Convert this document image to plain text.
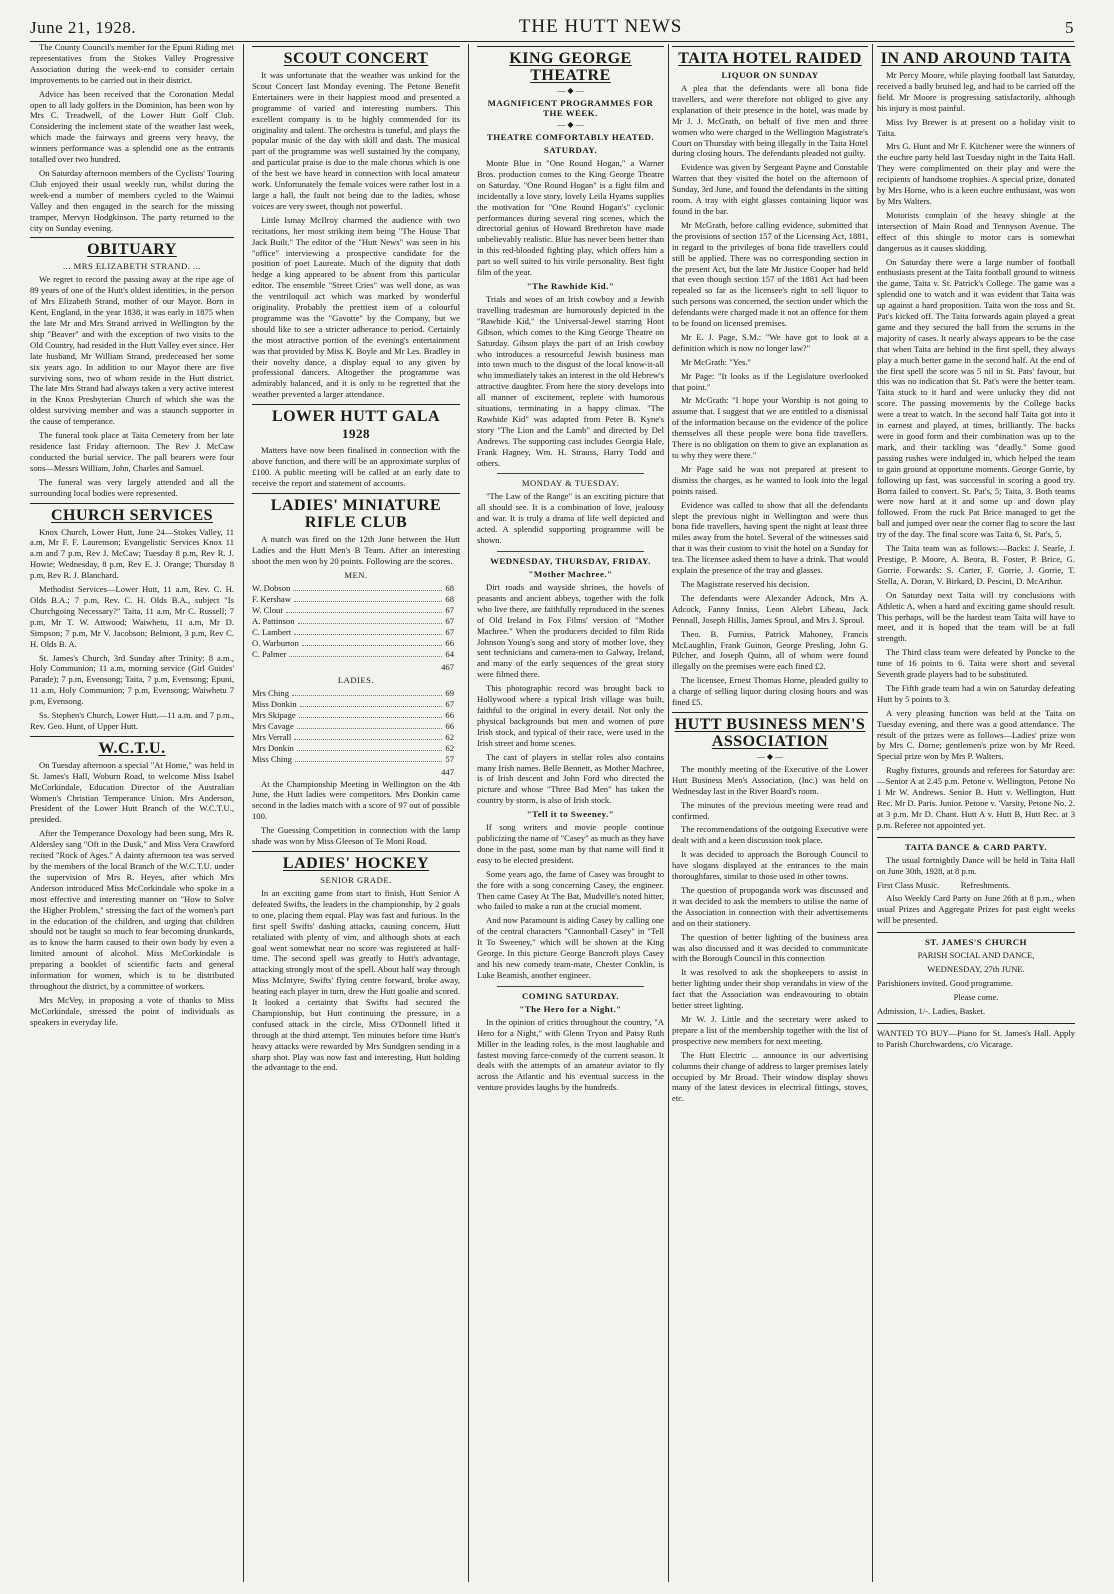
June 21, 1928.	THE HUTT NEWS	5

The County Council's member for the Epuni Riding met representatives from the Stokes Valley Progressive Association during the week-end to consider certain improvements to be carried out in their district.

Advice has been received that the Coronation Medal open to all lady golfers in the Dominion, has been won by Mrs C. Treadwell, of the Lower Hutt Golf Club. Considering the inclement state of the weather last week, which made the fairways and greens very heavy, the winners performance was a splendid one as the entrants totalled over two hundred.

On Saturday afternoon members of the Cyclists' Touring Club enjoyed their usual weekly run, whilst during the week-end a number of members cycled to the Waimui Valley and then engaged in the search for the missing tramper, Mervyn Hodgkinson. The party returned to the city on Sunday evening.

OBITUARY
... MRS ELIZABETH STRAND. ...

We regret to record the passing away at the ripe age of 89 years of one of the Hutt's oldest identities, in the person of Mrs Elizabeth Strand, mother of our Mayor. Born in Kent, England, in the year 1838, it was early in 1875 when the late Mr and Mrs Strand arrived in Wellington by the ship "Beaver" and with the exception of two visits to the Old Country, had resided in the Hutt Valley ever since. Her late husband, Mr William Strand, predeceased her some six years ago. In addition to our Mayor there are five surviving sons, two of whom reside in the Hutt district. The late Mrs Strand had always taken a very active interest in the Knox Presbyterian Church of which she was the oldest surviving member and was a staunch supporter in the cause of temperance.

The funeral took place at Taita Cemetery from her late residence last Friday afternoon. The Rev J. McCaw conducted the burial service. The pall bearers were four sons—Messrs William, John, Charles and Samuel.

The funeral was very largely attended and all the surrounding local bodies were represented.

CHURCH SERVICES

Knox Church, Lower Hutt, June 24—Stokes Valley, 11 a.m, Mr F. F. Laurenson; Evangelistic Services Knox 11 a.m and 7 p.m, Rev J. McCaw; Tuesday 8 p.m, Rev R. J. Howie; Wednesday, 8 p.m, Rev E. J. Orange; Thursday 8 p.m, Rev R. J. Blanchard.

Methodist Services—Lower Hutt, 11 a.m, Rev. C. H. Olds B.A.; 7 p.m, Rev. C. H. Olds B.A., subject "Is Churchgoing Necessary?" Taita, 11 a.m, Mr C. Russell; 7 p.m, Mr T. W. Attwood; Waiwhetu, 11 a.m, Mr D. Simpson; 7 p.m, Mr V. Jacobson; Belmont, 3 p.m, Rev C. H. Olds B. A.

St. James's Church, 3rd Sunday after Trinity: 8 a.m., Holy Communion; 11 a.m, morning service (Girl Guides' Parade); 7 p.m, Evensong; Taita, 7 p.m, Evensong; Epuni, 11 a.m, Holy Communion; 7 p.m, Evensong; Waiwhetu 7 p.m, Evensong.

Ss. Stephen's Church, Lower Hutt.—11 a.m. and 7 p.m., Rev. Geo. Hunt, of Upper Hutt.

W.C.T.U.

On Tuesday afternoon a special "At Home," was held in St. James's Hall, Woburn Road, to welcome Miss Isabel McCorkindale, Education Director of the Australian Women's Christian Temperance Union. Mrs Anderson, President of the Lower Hutt Branch of the W.C.T.U., presided.

After the Temperance Doxology had been sung, Mrs R. Aldersley sang "Oft in the Dusk," and Miss Vera Crawford recited "Rock of Ages." A dainty afternoon tea was served by the members of the local Branch of the W.C.T.U. under the supervision of Mrs R. Heyes, after which Mrs Anderson introduced Miss McCorkindale who spoke in a most effective and interesting manner on "How to Solve the Higher Problem," stressing the fact of the women's part in the education of the children, and urging that children should not be taught so much to fear becoming drunkards, as to know the harm caused to their own body by even a limited amount of alcohol. Miss McCorkindale is preparing a booklet of scientific facts and general information for women, which is to be distributed throughout the district, by a committee of workers.

Mrs McVey, in proposing a vote of thanks to Miss McCorkindale, stressed the point of individuals as speakers in everyday life.

SCOUT CONCERT

It was unfortunate that the weather was unkind for the Scout Concert last Monday evening. The Petone Benefit Entertainers were in their happiest mood and presented a programme of varied and interesting numbers. This excellent company is to be highly commended for its originality and talent. The orchestra is tuneful, and plays the popular music of the day with skill and dash. The musical part of the programme was well sustained by the company, and particular praise is due to the male chorus which is one of the best we have heard in connection with local amateur work. Unfortunately the female voices were rather lost in a large a hall, the fault not being due to the ladies, whose voices are very sweet, though not powerful.

Little Ismay McIlroy charmed the audience with two recitations, her most striking item being "The House That Jack Built." The editor of the "Hutt News" was seen in his "office" interviewing a prospective candidate for the position of poet Laureate. Much of the dignity that doth hedge a king appeared to be absent from this particular editor. The ensemble "Street Cries" was well done, as was the ventriloquil act which was marked by wonderful originality. Probably the prettiest item of a colourful programme was the "Gavotte" by the Company, but we should like to see a stricter adherance to period. Certainly the most attractive portion of the evening's entertainment was that provided by Miss K. Boyle and Mr Les. Bradley in their novelty dance, a display equal to any given by professional dancers. Altogether the programme was admirably balanced, and it is only to be regretted that the weather prevented a larger attendance.

LOWER HUTT GALA
1928

Matters have now been finalised in connection with the above function, and there will be an approximate surplus of £100. A public meeting will be called at an early date to receive the report and statement of accounts.

LADIES' MINIATURE RIFLE CLUB

A match was fired on the 12th June between the Hutt Ladies and the Hutt Men's B Team. After an interesting shoot the men won by 20 points. Following are the scores.

MEN.
W. Dobson	68
F. Kershaw	68
W. Clout	67
A. Pattinson	67
C. Lambert	67
O. Warburton	66
C. Palmer	64
467
LADIES.
Mrs Ching	69
Miss Donkin	67
Mrs Skipage	66
Mrs Cavage	66
Mrs Verrall	62
Mrs Donkin	62
Miss Ching	57
447

At the Championship Meeting in Wellington on the 4th June, the Hutt ladies were competitors. Mrs Donkin came second in the ladies match with a score of 97 out of possible 100.

The Guessing Competition in connection with the lamp shade was won by Miss Gleeson of Te Moni Road.

LADIES' HOCKEY
SENIOR GRADE.

In an exciting game from start to finish, Hutt Senior A defeated Swifts, the leaders in the championship, by 2 goals to one, placing them equal. Play was fast and furious. In the first spell Swifts' dashing attacks, causing concern, Hutt retaliated with plenty of vim, and although shots at each goal went somewhat near no score was registered at half-time. The second spell was greatly to Hutt's advantage, attacking strongly most of the spell. About half way through Miss McIntyre, Swifts' flying centre forward, broke away, beating each player in turn, drew the Hutt goalie and scored. It looked a certainty that Swifts had secured the Championship, but Hutt continuing the pressure, in a confused attack in the circle, Miss O'Donnell lifted it through at the third attempt. Ten minutes before time Hutt's heavy attacks were rewarded by Mrs Sundgren sending in a sharp shot. Play was now fast and interesting, Hutt holding the advantage to the end.

KING GEORGE
THEATRE
— ◆ —
MAGNIFICENT PROGRAMMES FOR THE WEEK.
— ◆ —
THEATRE COMFORTABLY HEATED.
SATURDAY.

Monte Blue in "One Round Hogan," a Warner Bros. production comes to the King George Theatre on Saturday. "One Round Hogan" is a fight film and incidentally a love story, lovely Leila Hyams supplies the motivation for "One Round Hogan's" cyclonic performances during several ring scenes, which the directorial genius of Howard Brethreton have made unbelievably realistic. Blue has never been better than in this red-blooded fighting play, which offers him a part so well suited to his virile personality. Best fight film of the year.

"The Rawhide Kid."

Trials and woes of an Irish cowboy and a Jewish travelling tradesman are humorously depicted in the "Rawhide Kid," the Universal-Jewel starring Hoot Gibson, which comes to the King George Theatre on Saturday. Gibson plays the part of an Irish cowboy who introduces a resourceful Jewish business man into town much to the disgust of the local know-it-all who immediately takes an interest in the old Hebrew's attractive daughter. From here the story develops into all manner of excitement, replete with humorous situations, terminating in a happy climax. "The Rawhide Kid" was adapted from Peter B. Kyne's story "The Lion and the Lamb" and directed by Del Andrews. The supporting cast includes Georgia Hale, Frank Hagney, Wm. H. Strauss, Harry Todd and others.

MONDAY & TUESDAY.

"The Law of the Range" is an exciting picture that all should see. It is a combination of love, jealousy and war. It is truly a drama of life well depicted and acted. A splendid supporting programme will be shown.

WEDNESDAY, THURSDAY, FRIDAY.
"Mother Machree."

Dirt roads and wayside shrines, the hovels of peasants and ancient abbeys, together with the folk who live there, are faithfully reproduced in the scenes of Old Ireland in Fox Films' version of "Mother Machree." When the producers decided to film Rida Johnson Young's song and story of mother love, they sent technicians and camera-men to Galway, Ireland, and many of the early sequences of the great story were filmed there.

This photographic record was brought back to Hollywood where a typical Irish village was built, faithful to the original in every detail. Not only the physical backgrounds but men and women of pure Irish stock, and typical of their race, were used in the Irish street and home scenes.

The cast of players in stellar roles also contains many Irish names. Belle Bennett, as Mother Machree, is of Irish descent and John Ford who directed the picture and whose "Three Bad Men" has taken the country by storm, is also of Irish stock.

"Tell it to Sweeney."

If song writers and movie people continue publicizing the name of "Casey" as much as they have done in the past, some man by that name will find it easy to be elected president.

Some years ago, the fame of Casey was brought to the fore with a song concerning Casey, the engineer. Then came Casey At The Bat, Mudville's noted hitter, who failed to make a run at the crucial moment.

And now Paramount is aiding Casey by calling one of the central characters "Cannonball Casey" in "Tell It To Sweeney," which will be shown at the King George. In this picture George Bancroft plays Casey and his new comedy team-mate, Chester Conklin, is Luke Beamish, another engineer.

COMING SATURDAY.
"The Hero for a Night."

In the opinion of critics throughout the country, "A Hero for a Night," with Glenn Tryon and Patsy Ruth Miller in the leading roles, is the most laughable and fastest moving farce-comedy of the current season. It deals with the attempts of an amateur aviator to fly across the Atlantic and his eventual success in the venture provides laughs by the hundreds.

TAITA HOTEL RAIDED
LIQUOR ON SUNDAY

A plea that the defendants were all bona fide travellers, and were therefore not obliged to give any explanation of their presence in the hotel, was made by Mr J. J. McGrath, on behalf of five men and three women who were charged in the Wellington Magistrate's Court on Thursday with being illegally in the Taita Hotel during closing hours. The defendants pleaded not guilty.

Evidence was given by Sergeant Payne and Constable Warren that they visited the hotel on the afternoon of Sunday, 3rd June, and found the defendants in the sitting room. A tray with eight glasses containing liquor was found in the bar.

Mr McGrath, before calling evidence, submitted that the provisions of section 157 of the Licensing Act, 1881, in regard to the privileges of bona fide travellers could still be applied. There was no corresponding section in the present Act, but the late Mr Justice Cooper had held that even though section 157 of the 1881 Act had been repealed so far as the licensee's right to sell liquor to such persons was concerned, the section under which the defendants were charged made it not an offence for them to be found on licensed premises.

Mr E. J. Page, S.M.: "We have got to look at a definition which is now no longer law?"

Mr McGrath: "Yes."

Mr Page: "It looks as if the Legislature overlooked that point."

Mr McGrath: "I hope your Worship is not going to assume that. I suggest that we are entitled to a dismissal of the information because on the evidence of the police themselves all these people were bona fide travellers. There is no obligation on them to give an explanation as to why they were there."

Mr Page said he was not prepared at present to dismiss the charges, as he wanted to look into the legal points raised.

Evidence was called to show that all the defendants slept the previous night in Wellington and were thus bona fide travellers, having spent the night at least three miles away from the hotel. Several of the witnesses said that it was their custom to visit the hotel on a Sunday for tea. The licensee asked them to have a drink. That would explain the presence of the tray and glasses.

The Magistrate reserved his decision.

The defendants were Alexander Adcock, Mrs A. Adcock, Fanny Inniss, Leon Alebrt Libeau, Jack Pennall, Joseph Hillis, James Sproul, and Mrs J. Sproul.

Theo. B. Furniss, Patrick Mahoney, Francis McLaughlin, Frank Guinon, George Presling, John G. Pilcher, and Joseph Quinn, all of whom were found illegally on the premises were each fined £2.

The licensee, Ernest Thomas Horne, pleaded guilty to a charge of selling liquor during closing hours and was fined £5.

HUTT BUSINESS MEN'S ASSOCIATION
— ◆ —

The monthly meeting of the Executive of the Lower Hutt Business Men's Association, (Inc.) was held on Wednesday last in the River Board's room.

The minutes of the previous meeting were read and confirmed.

The recommendations of the outgoing Executive were dealt with and a keen discussion took place.

It was decided to approach the Borough Council to have slogans displayed at the entrances to the main thoroughfares, similar to those used in other towns.

The question of propoganda work was discussed and it was decided to ask the members to utilise the name of the Association in connection with their advertisements and on their stationery.

The question of better lighting of the business area was also discussed and it was decided to communicate with the Borough Council in this connection

It was resolved to ask the shopkeepers to assist in better lighting under their shop verandahs in view of the fact that the Association was endeavouring to obtain better street lighting.

Mr W. J. Little and the secretary were asked to prepare a list of the membership together with the list of prospective new members for next meeting.

The Hutt Electric ... announce in our advertising columns their change of address to larger premises lately occupied by Mr Broad. Their window display shows many of the latest devices in electrical fittings, stoves, etc.

IN AND AROUND TAITA

Mr Percy Moore, while playing football last Saturday, received a badly bruised leg, and had to be carried off the field. Mr Moore is progressing satisfactorily, although his injury is most painful.

Miss Ivy Brewer is at present on a holiday visit to Taita.

Mrs G. Hunt and Mr F. Kitchener were the winners of the euchre party held last Tuesday night in the Taita Hall. They were complimented on their play and were the recipients of handsome trophies. A special prize, donated by Mrs Horne, who is a keen euchre enthusiast, was won by Mrs Walters.

Motorists complain of the heavy shingle at the intersection of Main Road and Tennyson Avenue. The effect of this shingle to motor cars is somewhat dangerous as it causes skidding.

On Saturday there were a large number of football enthusiasts present at the Taita football ground to witness the game, Taita v. St. Patrick's College. The game was a splendid one to watch and it was evident that Taita was up against a hard proposition. Taita won the toss and St. Pat's kicked off. The Taita forwards again played a great game and they secured the ball from the scrums in the majority of cases. It nearly always appears to be the case that when Taita are behind in the first spell, they always play a much better game in the second half. At the end of the first spell the score was 5 nil in St. Pats' favour, but this was no indication that St. Pat's were the better team. Taita stuck to it hard and were unlucky they did not score. The passing movements by the College backs were a treat to watch. In the second half Taita got into it in earnest and played, at times, brilliantly. The backs were in good form and their combination was up to the mark, and their tackling was "deadly." Some good passing rushes were indulged in, which helped the team to gain ground at opportune moments. George Gorrie, by following up fast, was successful in scoring a good try. Borra failed to convert. St. Pat's, 5; Taita, 3. Both teams were now hard at it and some up and down play followed. From the ruck Pat Brice managed to get the ball and jumped over near the corner flag to score the last try of the day. The final score was Taita 6, St. Pat's, 5.

The Taita team was as follows:—Backs: J. Searle, J. Prestige, P. Moore, A. Beora, B. Foster, P. Brice, G. Gorrie. Forwards: S. Carter, F. Gorrie, J. Gorrie, T. Stella, A. Doran, V. Birkard, D. Pescini, D. McArthur.

On Saturday next Taita will try conclusions with Athletic A, when a hard and exciting game should result. This perhaps, will be the hardest team Taita will have to meet, and it is hoped that the team will be at full strength.

The Third class team were defeated by Poncke to the tune of 16 points to 6. Taita were short and several Seventh grade players had to be substituted.

The Fifth grade team had a win on Saturday defeating Hutt by 5 points to 3.

A very pleasing function was held at the Taita on Tuesday evening, and there was a good attendance. The result of the prizes were as follows—Ladies' prize won by Mrs C. Dorne; gentlemen's prize won by Mr Reed. Special prize won by Mrs P. Walters.

Rugby fixtures, grounds and referees for Saturday are:—Senior A at 2.45 p.m. Petone v. Wellington, Petone No 1 Mr W. Andrews. Senior B. Hutt v. Wellington, Hutt Rec. Mr D. Paris. Junior. Petone v. 'Varsity, Petone No. 2. at 3 p.m. Mr D. Chant. Hutt A v. Hutt B, Hutt Rec. at 3 p.m. Referee not appointed yet.

TAITA DANCE & CARD PARTY.

The usual fortnightly Dance will be held in Taita Hall on June 30th, 1928, at 8 p.m.

First Class Music.          Refreshments.

Also Weekly Card Party on June 26th at 8 p.m., when usual Prizes and Aggregate Prizes for past eight weeks will be presented.

ST. JAMES'S CHURCH

PARISH SOCIAL AND DANCE,

WEDNESDAY, 27th JUNE.

Parishioners invited. Good programme.

Please come.

Admission, 1/-. Ladies, Basket.

WANTED TO BUY—Piano for St. James's Hall. Apply to Parish Churchwardens, c/o Vicarage.
